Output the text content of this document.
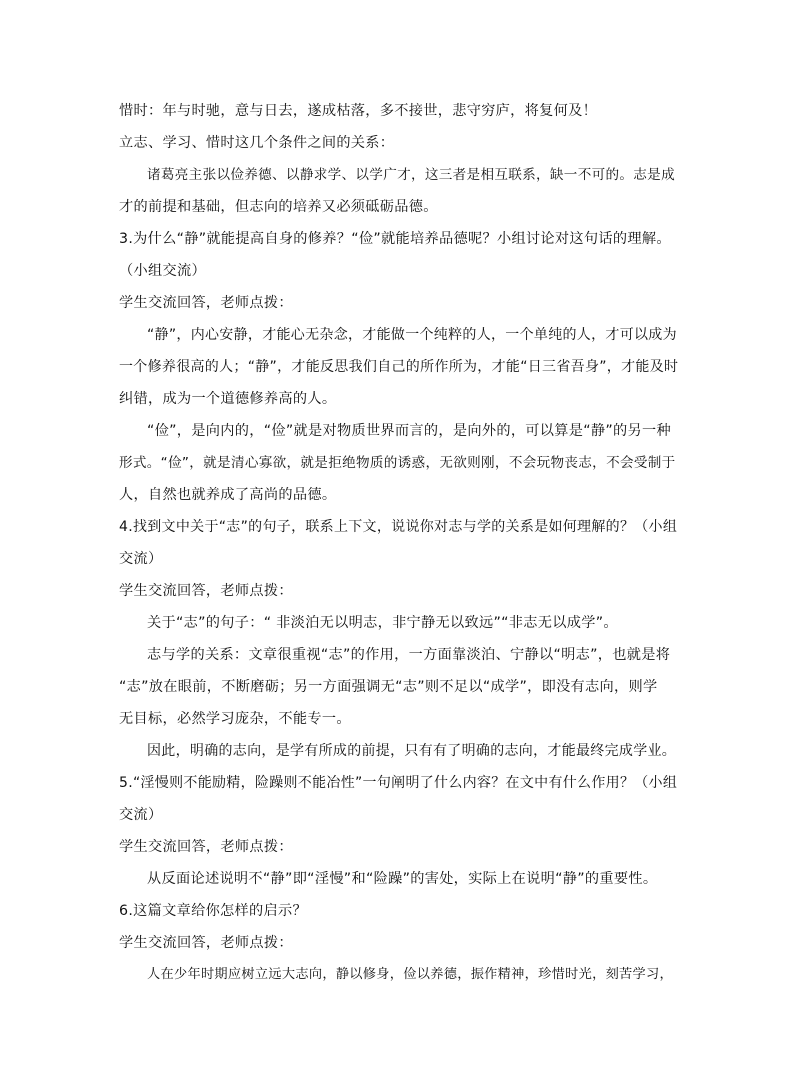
惜时：年与时驰，意与日去，遂成枯落，多不接世，悲守穷庐，将复何及！
立志、学习、惜时这几个条件之间的关系：
诸葛亮主张以俭养德、以静求学、以学广才，这三者是相互联系，缺一不可的。志是成
才的前提和基础，但志向的培养又必须砥砺品德。
3.为什么“静”就能提高自身的修养？“俭”就能培养品德呢？小组讨论对这句话的理解。
（小组交流）
学生交流回答，老师点拨：
“静”，内心安静，才能心无杂念，才能做一个纯粹的人，一个单纯的人，才可以成为
一个修养很高的人；“静”，才能反思我们自己的所作所为，才能“日三省吾身”，才能及时
纠错，成为一个道德修养高的人。
“俭”，是向内的，“俭”就是对物质世界而言的，是向外的，可以算是“静”的另一种
形式。“俭”，就是清心寡欲，就是拒绝物质的诱惑，无欲则刚，不会玩物丧志，不会受制于
人，自然也就养成了高尚的品德。
4.找到文中关于“志”的句子，联系上下文，说说你对志与学的关系是如何理解的？（小组
交流）
学生交流回答，老师点拨：
关于“志”的句子：“ 非淡泊无以明志，非宁静无以致远”“非志无以成学”。
志与学的关系：文章很重视“志”的作用，一方面靠淡泊、宁静以“明志”，也就是将
“志”放在眼前，不断磨砺；另一方面强调无“志”则不足以“成学”，即没有志向，则学
无目标，必然学习庞杂，不能专一。
因此，明确的志向，是学有所成的前提，只有有了明确的志向，才能最终完成学业。
5.“淫慢则不能励精，险躁则不能冶性”一句阐明了什么内容？在文中有什么作用？（小组
交流）
学生交流回答，老师点拨：
从反面论述说明不“静”即“淫慢”和“险躁”的害处，实际上在说明“静”的重要性。
6.这篇文章给你怎样的启示？
学生交流回答，老师点拨：
人在少年时期应树立远大志向，静以修身，俭以养德，振作精神，珍惜时光，刻苦学习，
